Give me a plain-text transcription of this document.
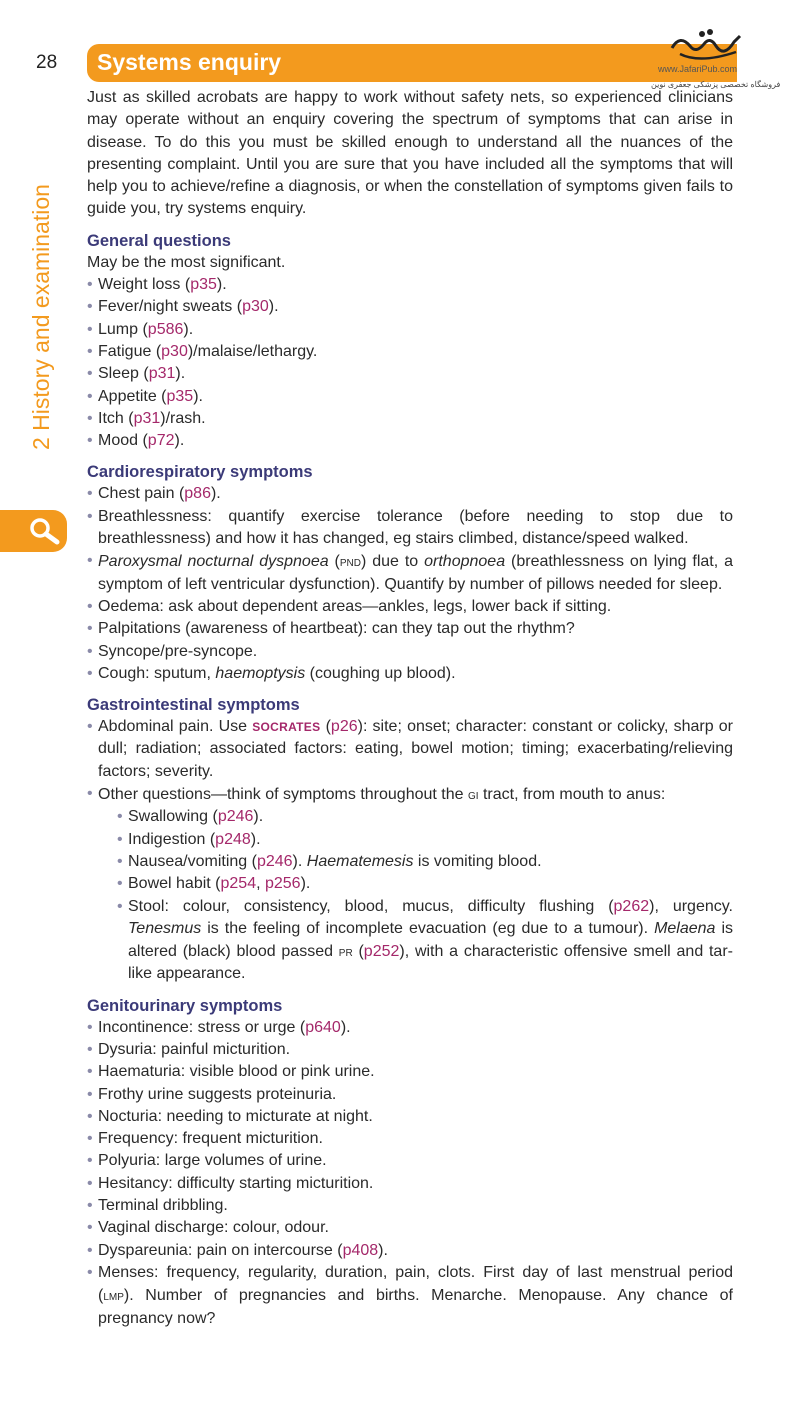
28 Systems enquiry	www.JafariPub.com
فروشگاه تخصصی پزشکی جعفری نوین
2 History and examination

Just as skilled acrobats are happy to work without safety nets, so experienced clinicians may operate without an enquiry covering the spectrum of symptoms that can arise in disease. To do this you must be skilled enough to understand all the nuances of the presenting complaint. Until you are sure that you have included all the symptoms that will help you to achieve/refine a diagnosis, or when the constellation of symptoms given fails to guide you, try systems enquiry.

General questions

May be the most significant.

• Weight loss (p35).
• Fever/night sweats (p30).
• Lump (p586).
• Fatigue (p30)/malaise/lethargy.
• Sleep (p31).
• Appetite (p35).
• Itch (p31)/rash.
• Mood (p72).
Cardiorespiratory symptoms
• Chest pain (p86).
• Breathlessness: quantify exercise tolerance (before needing to stop due to breathlessness) and how it has changed, eg stairs climbed, distance/speed walked.
• Paroxysmal nocturnal dyspnoea (pnd) due to orthopnoea (breathlessness on lying flat, a symptom of left ventricular dysfunction). Quantify by number of pillows needed for sleep.
• Oedema: ask about dependent areas—ankles, legs, lower back if sitting.
• Palpitations (awareness of heartbeat): can they tap out the rhythm?
• Syncope/pre-syncope.
• Cough: sputum, haemoptysis (coughing up blood).
Gastrointestinal symptoms
• Abdominal pain. Use SOCRATES (p26): site; onset; character: constant or colicky, sharp or dull; radiation; associated factors: eating, bowel motion; timing; exacerbating/relieving factors; severity.
• Other questions—think of symptoms throughout the gi tract, from mouth to anus:
• Swallowing (p246).
• Indigestion (p248).
• Nausea/vomiting (p246). Haematemesis is vomiting blood.
• Bowel habit (p254, p256).
• Stool: colour, consistency, blood, mucus, difficulty flushing (p262), urgency. Tenesmus is the feeling of incomplete evacuation (eg due to a tumour). Melaena is altered (black) blood passed pr (p252), with a characteristic offensive smell and tar-like appearance.
Genitourinary symptoms
• Incontinence: stress or urge (p640).
• Dysuria: painful micturition.
• Haematuria: visible blood or pink urine.
• Frothy urine suggests proteinuria.
• Nocturia: needing to micturate at night.
• Frequency: frequent micturition.
• Polyuria: large volumes of urine.
• Hesitancy: difficulty starting micturition.
• Terminal dribbling.
• Vaginal discharge: colour, odour.
• Dyspareunia: pain on intercourse (p408).
• Menses: frequency, regularity, duration, pain, clots. First day of last menstrual period (lmp). Number of pregnancies and births. Menarche. Menopause. Any chance of pregnancy now?
